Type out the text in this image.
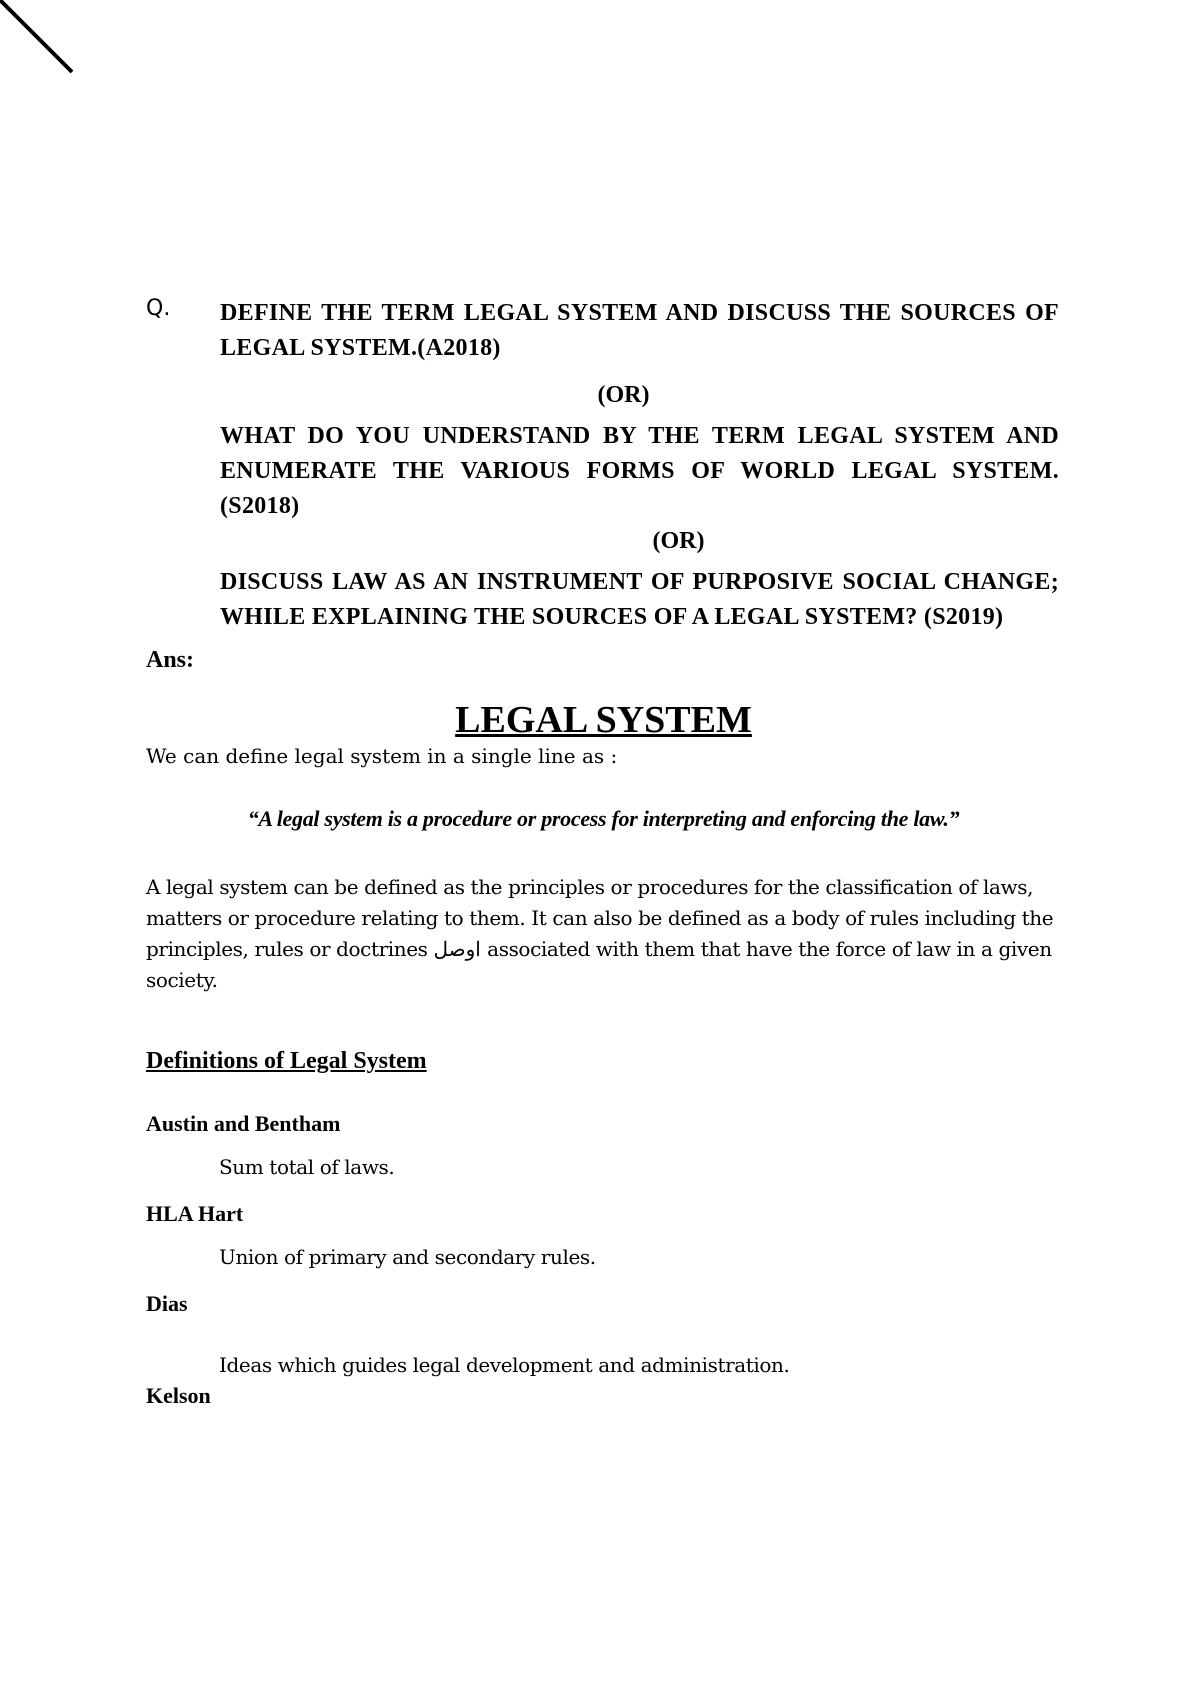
Q. DEFINE THE TERM LEGAL SYSTEM AND DISCUSS THE SOURCES OF LEGAL SYSTEM.(A2018)
(OR)
WHAT DO YOU UNDERSTAND BY THE TERM LEGAL SYSTEM AND ENUMERATE THE VARIOUS FORMS OF WORLD LEGAL SYSTEM. (S2018)
(OR)
DISCUSS LAW AS AN INSTRUMENT OF PURPOSIVE SOCIAL CHANGE; WHILE EXPLAINING THE SOURCES OF A LEGAL SYSTEM? (S2019)
Ans:
LEGAL SYSTEM
We can define legal system in a single line as :
“A legal system is a procedure or process for interpreting and enforcing the law.”
A legal system can be defined as the principles or procedures for the classification of laws, matters or procedure relating to them. It can also be defined as a body of rules including the principles, rules or doctrines اوصل associated with them that have the force of law in a given society.
Definitions of Legal System
Austin and Bentham
Sum total of laws.
HLA Hart
Union of primary and secondary rules.
Dias
Ideas which guides legal development and administration.
Kelson
